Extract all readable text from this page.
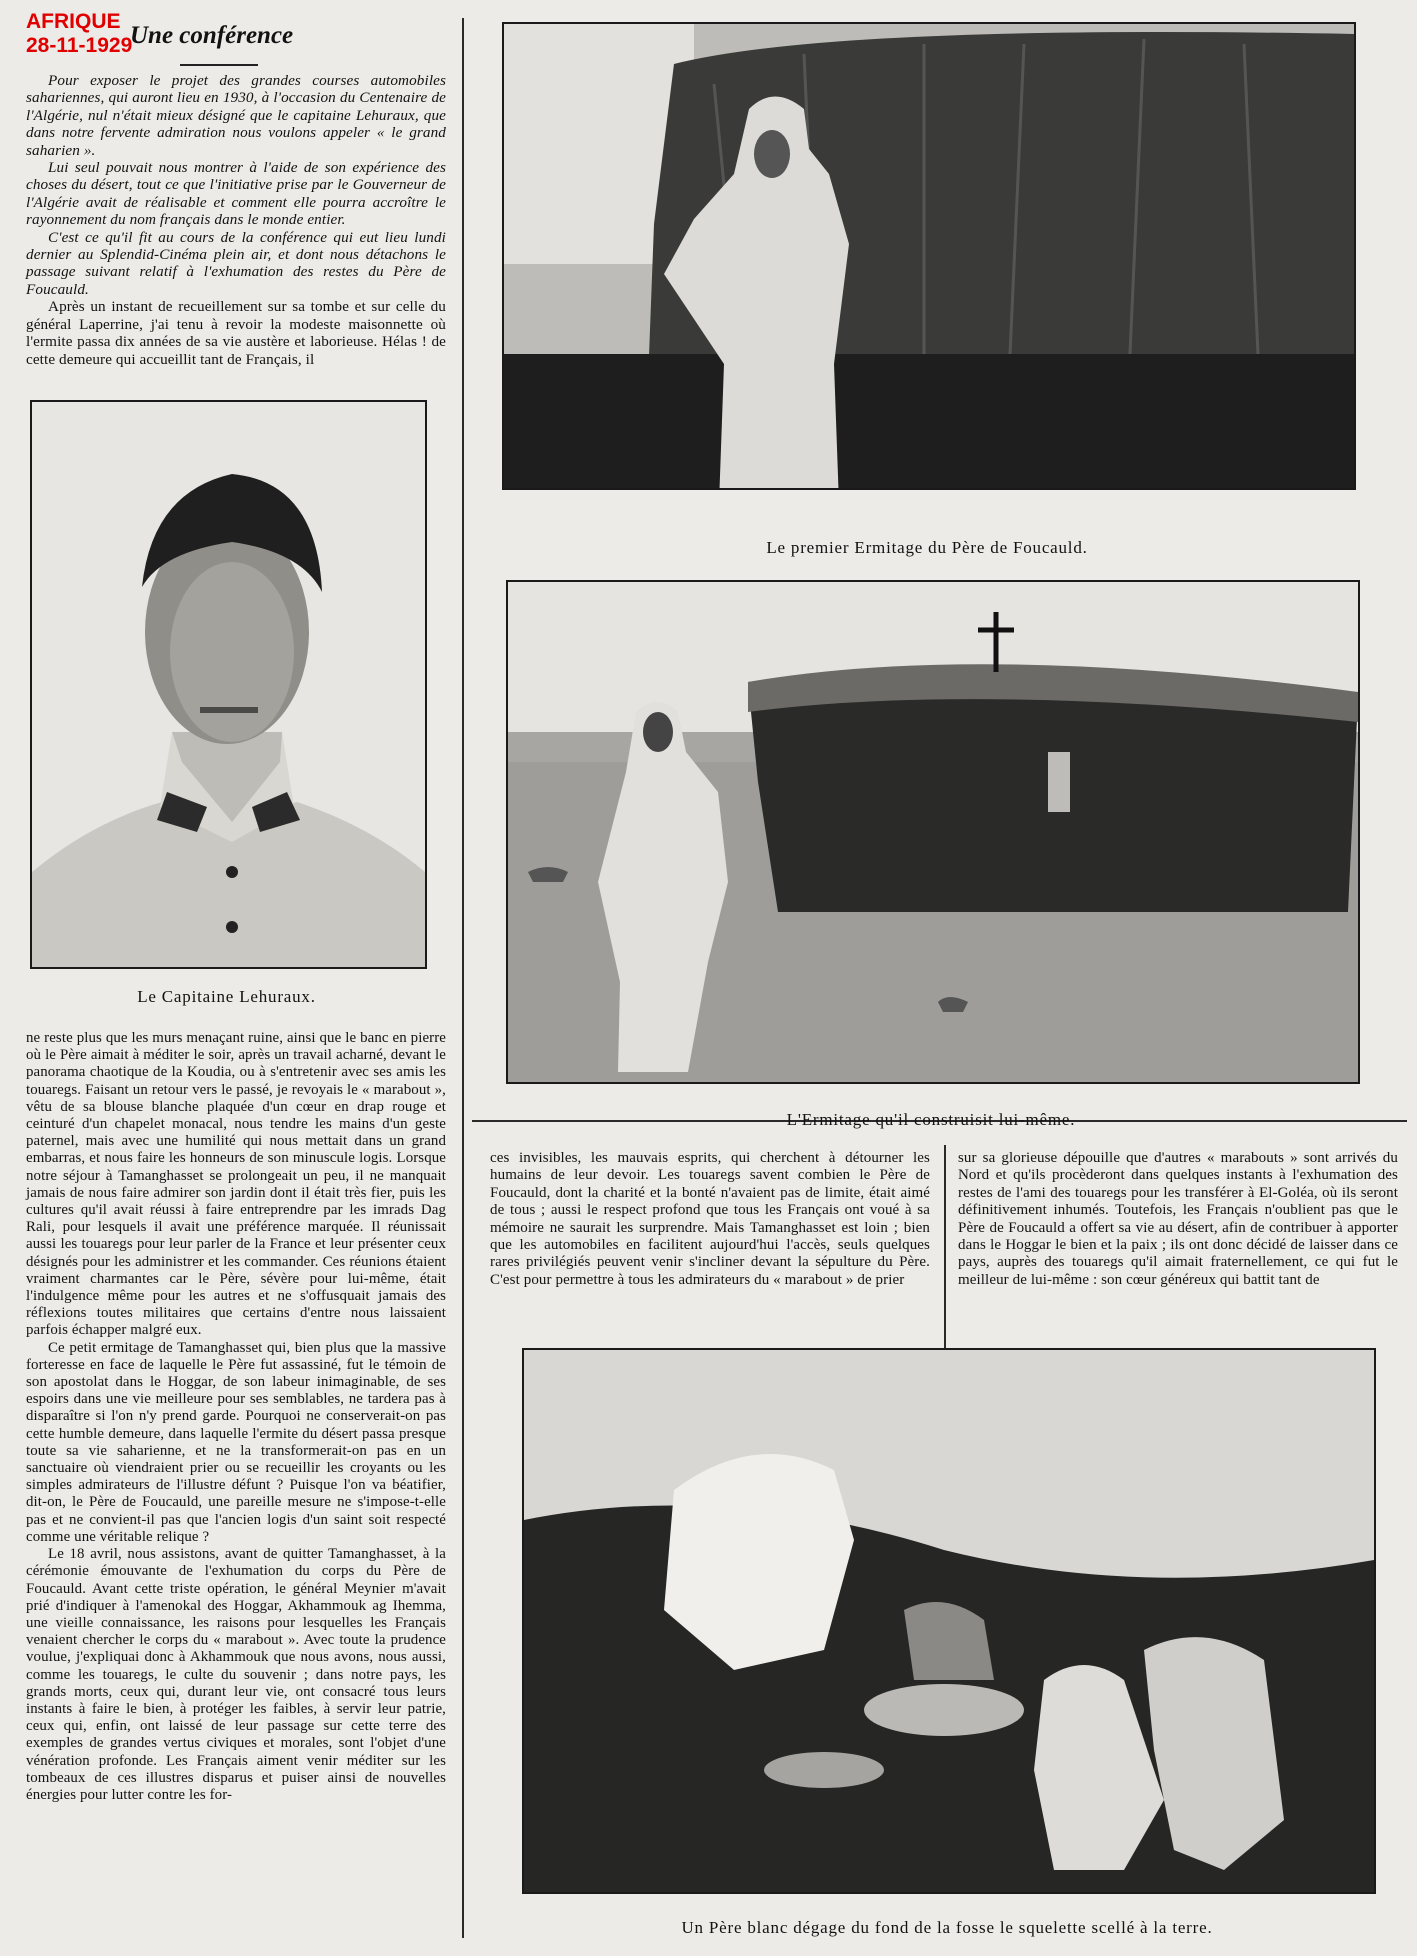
AFRIQUE
28-11-1929
Une conférence

Pour exposer le projet des grandes courses automobiles sahariennes, qui auront lieu en 1930, à l'occasion du Centenaire de l'Algérie, nul n'était mieux désigné que le capitaine Lehuraux, que dans notre fervente admiration nous voulons appeler « le grand saharien ».

Lui seul pouvait nous montrer à l'aide de son expérience des choses du désert, tout ce que l'initiative prise par le Gouverneur de l'Algérie avait de réalisable et comment elle pourra accroître le rayonnement du nom français dans le monde entier.

C'est ce qu'il fit au cours de la conférence qui eut lieu lundi dernier au Splendid-Cinéma plein air, et dont nous détachons le passage suivant relatif à l'exhumation des restes du Père de Foucauld.

Après un instant de recueillement sur sa tombe et sur celle du général Laperrine, j'ai tenu à revoir la modeste maisonnette où l'ermite passa dix années de sa vie austère et laborieuse. Hélas ! de cette demeure qui accueillit tant de Français, il

Le Capitaine Lehuraux.

ne reste plus que les murs menaçant ruine, ainsi que le banc en pierre où le Père aimait à méditer le soir, après un travail acharné, devant le panorama chaotique de la Koudia, ou à s'entretenir avec ses amis les touaregs. Faisant un retour vers le passé, je revoyais le « marabout », vêtu de sa blouse blanche plaquée d'un cœur en drap rouge et ceinturé d'un chapelet monacal, nous tendre les mains d'un geste paternel, mais avec une humilité qui nous mettait dans un grand embarras, et nous faire les honneurs de son minuscule logis. Lorsque notre séjour à Tamanghasset se prolongeait un peu, il ne manquait jamais de nous faire admirer son jardin dont il était très fier, puis les cultures qu'il avait réussi à faire entreprendre par les imrads Dag Rali, pour lesquels il avait une préférence marquée. Il réunissait aussi les touaregs pour leur parler de la France et leur présenter ceux désignés pour les administrer et les commander. Ces réunions étaient vraiment charmantes car le Père, sévère pour lui-même, était l'indulgence même pour les autres et ne s'offusquait jamais des réflexions toutes militaires que certains d'entre nous laissaient parfois échapper malgré eux.

Ce petit ermitage de Tamanghasset qui, bien plus que la massive forteresse en face de laquelle le Père fut assassiné, fut le témoin de son apostolat dans le Hoggar, de son labeur inimaginable, de ses espoirs dans une vie meilleure pour ses semblables, ne tardera pas à disparaître si l'on n'y prend garde. Pourquoi ne conserverait-on pas cette humble demeure, dans laquelle l'ermite du désert passa presque toute sa vie saharienne, et ne la transformerait-on pas en un sanctuaire où viendraient prier ou se recueillir les croyants ou les simples admirateurs de l'illustre défunt ? Puisque l'on va béatifier, dit-on, le Père de Foucauld, une pareille mesure ne s'impose-t-elle pas et ne convient-il pas que l'ancien logis d'un saint soit respecté comme une véritable relique ?

Le 18 avril, nous assistons, avant de quitter Tamanghasset, à la cérémonie émouvante de l'exhumation du corps du Père de Foucauld. Avant cette triste opération, le général Meynier m'avait prié d'indiquer à l'amenokal des Hoggar, Akhammouk ag Ihemma, une vieille connaissance, les raisons pour lesquelles les Français venaient chercher le corps du « marabout ». Avec toute la prudence voulue, j'expliquai donc à Akhammouk que nous avons, nous aussi, comme les touaregs, le culte du souvenir ; dans notre pays, les grands morts, ceux qui, durant leur vie, ont consacré tous leurs instants à faire le bien, à protéger les faibles, à servir leur patrie, ceux qui, enfin, ont laissé de leur passage sur cette terre des exemples de grandes vertus civiques et morales, sont l'objet d'une vénération profonde. Les Français aiment venir méditer sur les tombeaux de ces illustres disparus et puiser ainsi de nouvelles énergies pour lutter contre les for-

Le premier Ermitage du Père de Foucauld.
L'Ermitage qu'il construisit lui-même.

ces invisibles, les mauvais esprits, qui cherchent à détourner les humains de leur devoir. Les touaregs savent combien le Père de Foucauld, dont la charité et la bonté n'avaient pas de limite, était aimé de tous ; aussi le respect profond que tous les Français ont voué à sa mémoire ne saurait les surprendre. Mais Tamanghasset est loin ; bien que les automobiles en facilitent aujourd'hui l'accès, seuls quelques rares privilégiés peuvent venir s'incliner devant la sépulture du Père. C'est pour permettre à tous les admirateurs du « marabout » de prier

sur sa glorieuse dépouille que d'autres « marabouts » sont arrivés du Nord et qu'ils procèderont dans quelques instants à l'exhumation des restes de l'ami des touaregs pour les transférer à El-Goléa, où ils seront définitivement inhumés. Toutefois, les Français n'oublient pas que le Père de Foucauld a offert sa vie au désert, afin de contribuer à apporter dans le Hoggar le bien et la paix ; ils ont donc décidé de laisser dans ce pays, auprès des touaregs qu'il aimait fraternellement, ce qui fut le meilleur de lui-même : son cœur généreux qui battit tant de

Un Père blanc dégage du fond de la fosse le squelette scellé à la terre.
